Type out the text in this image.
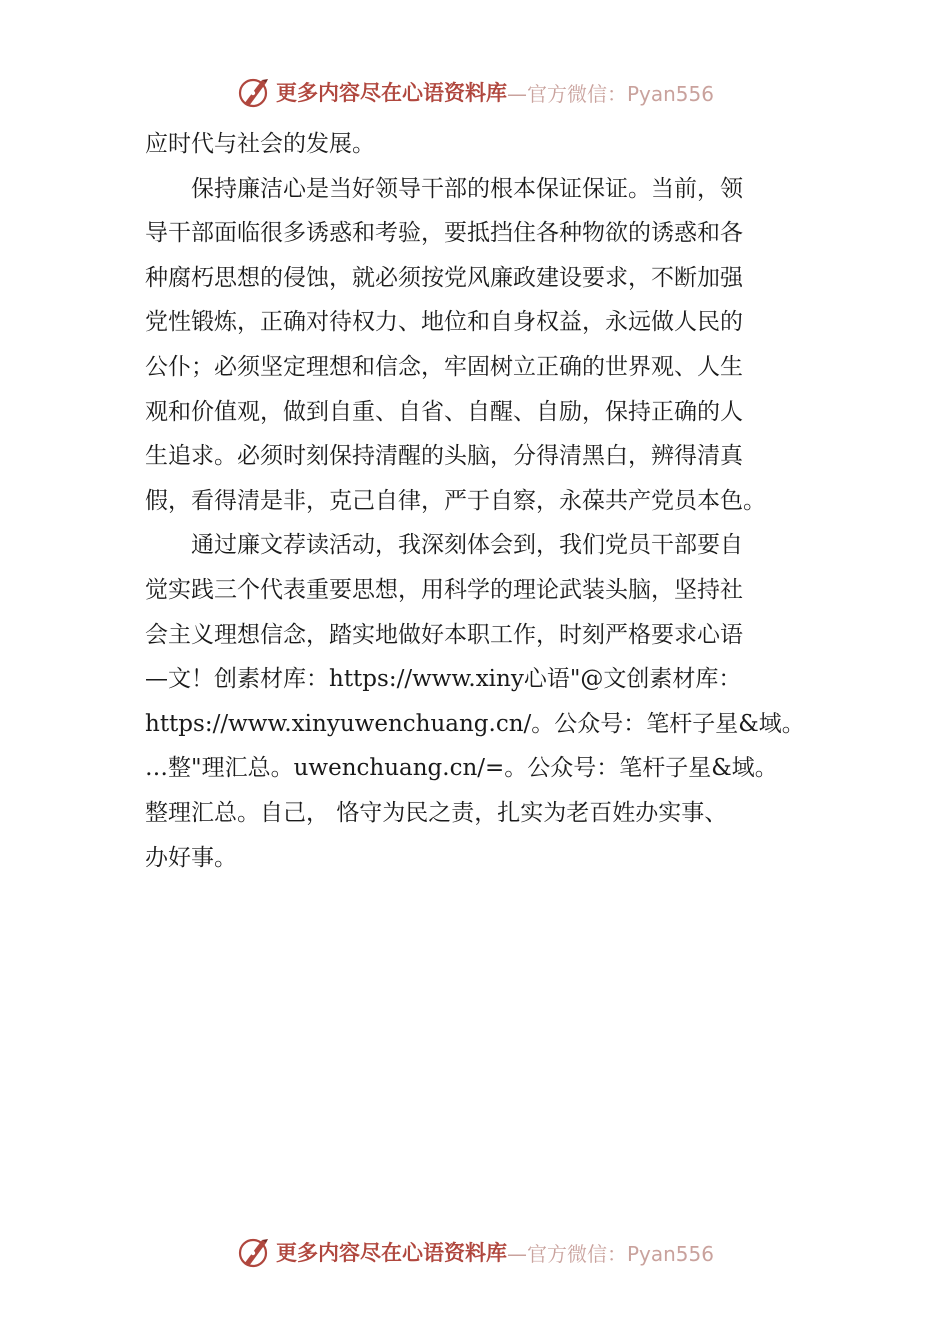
更多内容尽在心语资料库 —官方微信：Pyan556
应时代与社会的发展。
保持廉洁心是当好领导干部的根本保证保证。当前，领
导干部面临很多诱惑和考验，要抵挡住各种物欲的诱惑和各
种腐朽思想的侵蚀，就必须按党风廉政建设要求，不断加强
党性锻炼，正确对待权力、地位和自身权益，永远做人民的
公仆；必须坚定理想和信念，牢固树立正确的世界观、人生
观和价值观，做到自重、自省、自醒、自励，保持正确的人
生追求。必须时刻保持清醒的头脑，分得清黑白，辨得清真
假，看得清是非，克己自律，严于自察，永葆共产党员本色。
通过廉文荐读活动，我深刻体会到，我们党员干部要自
觉实践三个代表重要思想，用科学的理论武装头脑，坚持社
会主义理想信念，踏实地做好本职工作，时刻严格要求心语
—文！创素材库：https://www.xiny心语"@文创素材库：
https://www.xinyuwenchuang.cn/。公众号：笔杆子星&域。
…整"理汇总。uwenchuang.cn/=。公众号：笔杆子星&域。
整理汇总。自己， 恪守为民之责，扎实为老百姓办实事、
办好事。
更多内容尽在心语资料库 —官方微信：Pyan556
